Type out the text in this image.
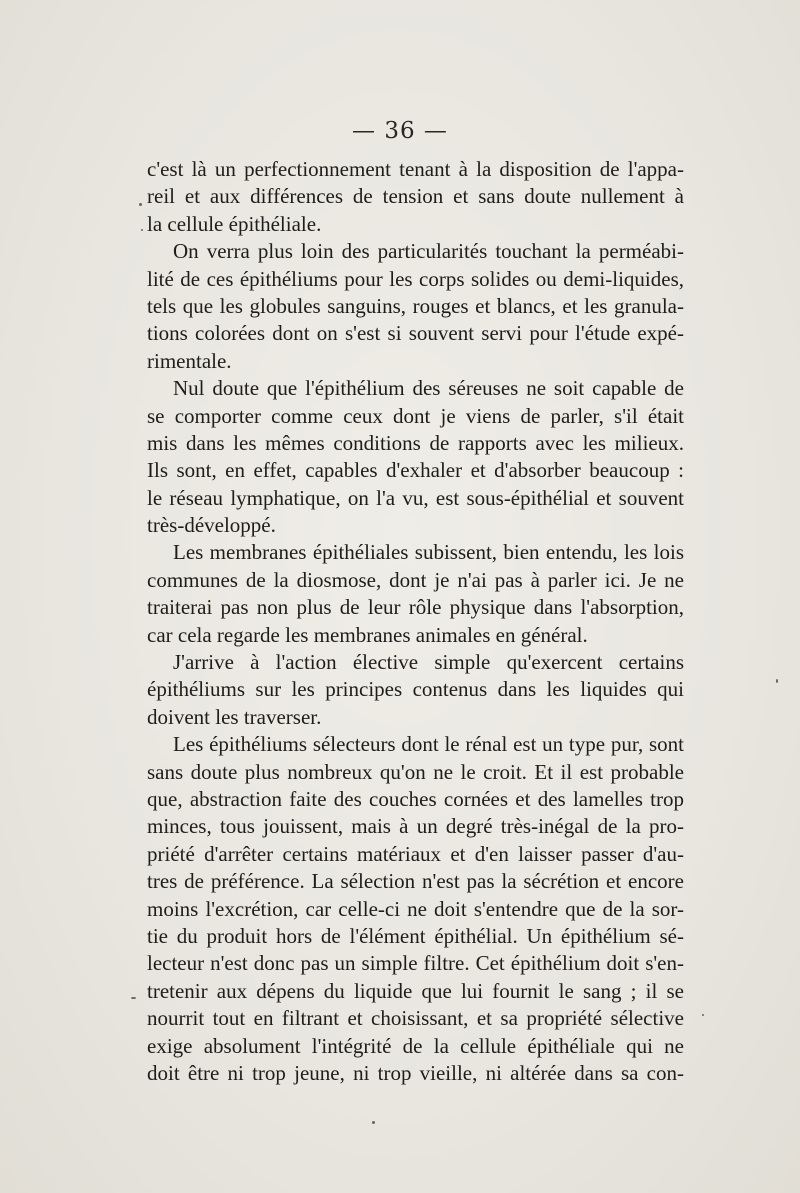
— 36 —
c'est là un perfectionnement tenant à la disposition de l'appa-
reil et aux différences de tension et sans doute nullement à
la cellule épithéliale.
On verra plus loin des particularités touchant la perméabi-
lité de ces épithéliums pour les corps solides ou demi-liquides,
tels que les globules sanguins, rouges et blancs, et les granula-
tions colorées dont on s'est si souvent servi pour l'étude expé-
rimentale.
Nul doute que l'épithélium des séreuses ne soit capable de
se comporter comme ceux dont je viens de parler, s'il était
mis dans les mêmes conditions de rapports avec les milieux.
Ils sont, en effet, capables d'exhaler et d'absorber beaucoup :
le réseau lymphatique, on l'a vu, est sous-épithélial et souvent
très-développé.
Les membranes épithéliales subissent, bien entendu, les lois
communes de la diosmose, dont je n'ai pas à parler ici. Je ne
traiterai pas non plus de leur rôle physique dans l'absorption,
car cela regarde les membranes animales en général.
J'arrive à l'action élective simple qu'exercent certains
épithéliums sur les principes contenus dans les liquides qui
doivent les traverser.
Les épithéliums sélecteurs dont le rénal est un type pur, sont
sans doute plus nombreux qu'on ne le croit. Et il est probable
que, abstraction faite des couches cornées et des lamelles trop
minces, tous jouissent, mais à un degré très-inégal de la pro-
priété d'arrêter certains matériaux et d'en laisser passer d'au-
tres de préférence. La sélection n'est pas la sécrétion et encore
moins l'excrétion, car celle-ci ne doit s'entendre que de la sor-
tie du produit hors de l'élément épithélial. Un épithélium sé-
lecteur n'est donc pas un simple filtre. Cet épithélium doit s'en-
tretenir aux dépens du liquide que lui fournit le sang ; il se
nourrit tout en filtrant et choisissant, et sa propriété sélective
exige absolument l'intégrité de la cellule épithéliale qui ne
doit être ni trop jeune, ni trop vieille, ni altérée dans sa con-
